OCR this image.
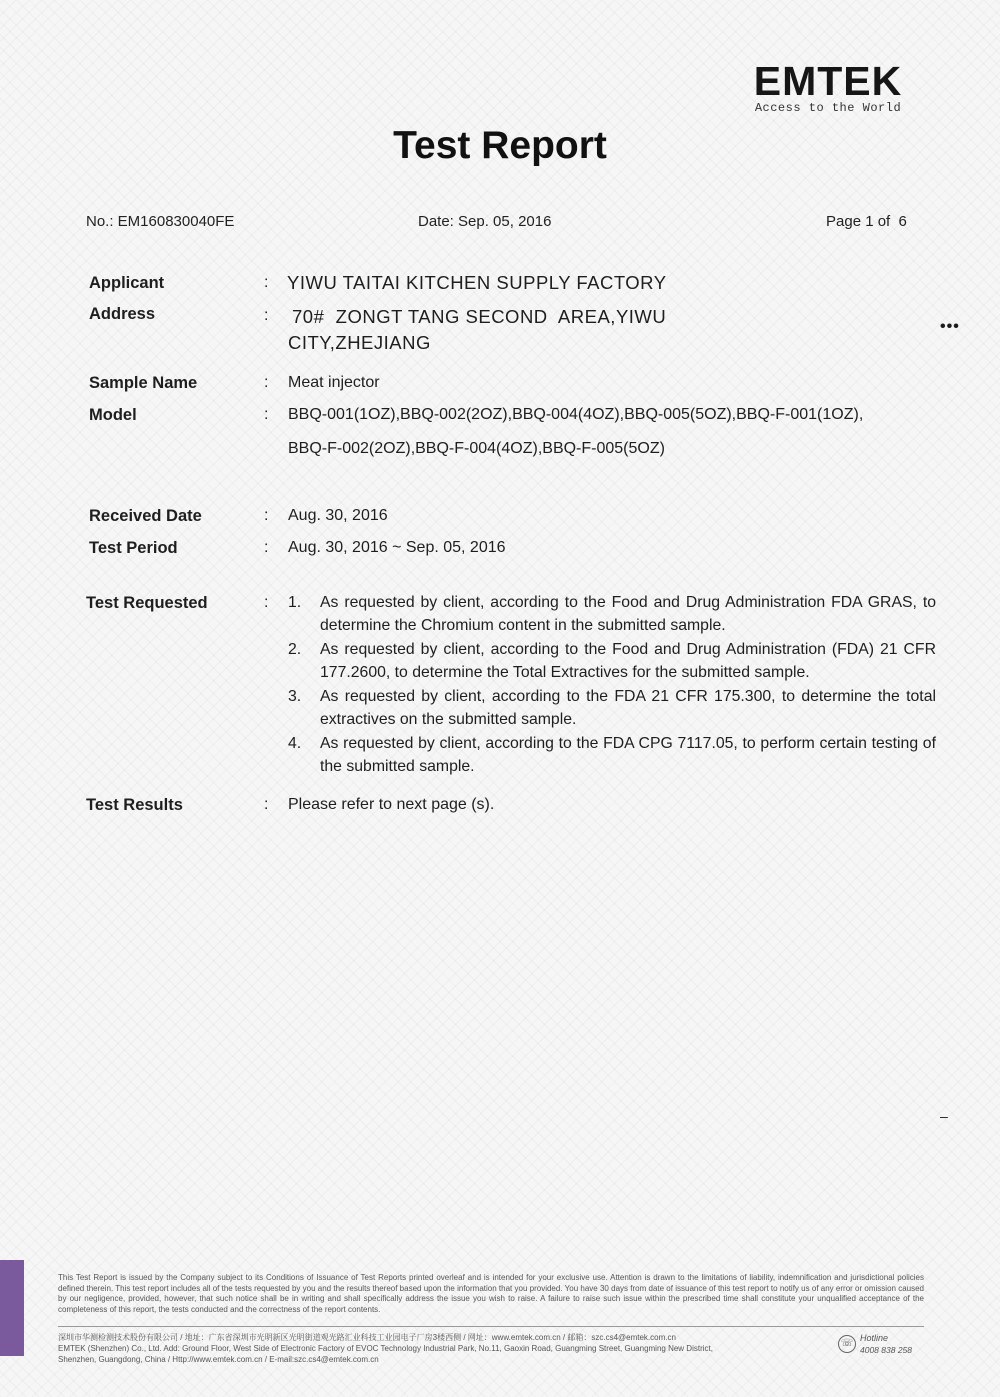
EMTEK
Access to the World
Test Report
No.: EM160830040FE	Date: Sep. 05, 2016	Page 1 of  6
Applicant	: YIWU TAITAI KITCHEN SUPPLY FACTORY
Address	: 70#  ZONGT TANG SECOND  AREA,YIWU
CITY,ZHEJIANG
Sample Name	: Meat injector
Model	: BBQ-001(1OZ),BBQ-002(2OZ),BBQ-004(4OZ),BBQ-005(5OZ),BBQ-F-001(1OZ),
BBQ-F-002(2OZ),BBQ-F-004(4OZ),BBQ-F-005(5OZ)
Received Date	: Aug. 30, 2016
Test Period	: Aug. 30, 2016 ~ Sep. 05, 2016
Test Requested	: 1. As requested by client, according to the Food and Drug Administration FDA GRAS, to determine the Chromium content in the submitted sample.
2. As requested by client, according to the Food and Drug Administration (FDA) 21 CFR 177.2600, to determine the Total Extractives for the submitted sample.
3. As requested by client, according to the FDA 21 CFR 175.300, to determine the total extractives on the submitted sample.
4. As requested by client, according to the FDA CPG 7117.05, to perform certain testing of the submitted sample.
Test Results	: Please refer to next page (s).
•••
–
This Test Report is issued by the Company subject to its Conditions of Issuance of Test Reports printed overleaf and is intended for your exclusive use. Attention is drawn to the limitations of liability, indemnification and jurisdictional policies defined therein. This test report includes all of the tests requested by you and the results thereof based upon the information that you provided. You have 30 days from date of issuance of this test report to notify us of any error or omission caused by our negligence, provided, however, that such notice shall be in writing and shall specifically address the issue you wish to raise. A failure to raise such issue within the prescribed time shall constitute your unqualified acceptance of the completeness of this report, the tests conducted and the correctness of the report contents.
深圳市华测检测技术股份有限公司 / 地址：广东省深圳市光明新区光明街道观光路汇业科技工业园电子厂房3楼西侧 / 网址：www.emtek.com.cn / 邮箱：szc.cs4@emtek.com.cn
EMTEK (Shenzhen) Co., Ltd. Add: Ground Floor, West Side of Electronic Factory of EVOC Technology Industrial Park, No.11, Gaoxin Road, Guangming Street, Guangming New District,
Shenzhen, Guangdong, China / Http://www.emtek.com.cn / E-mail:szc.cs4@emtek.com.cn
☏ Hotline
4008 838 258
